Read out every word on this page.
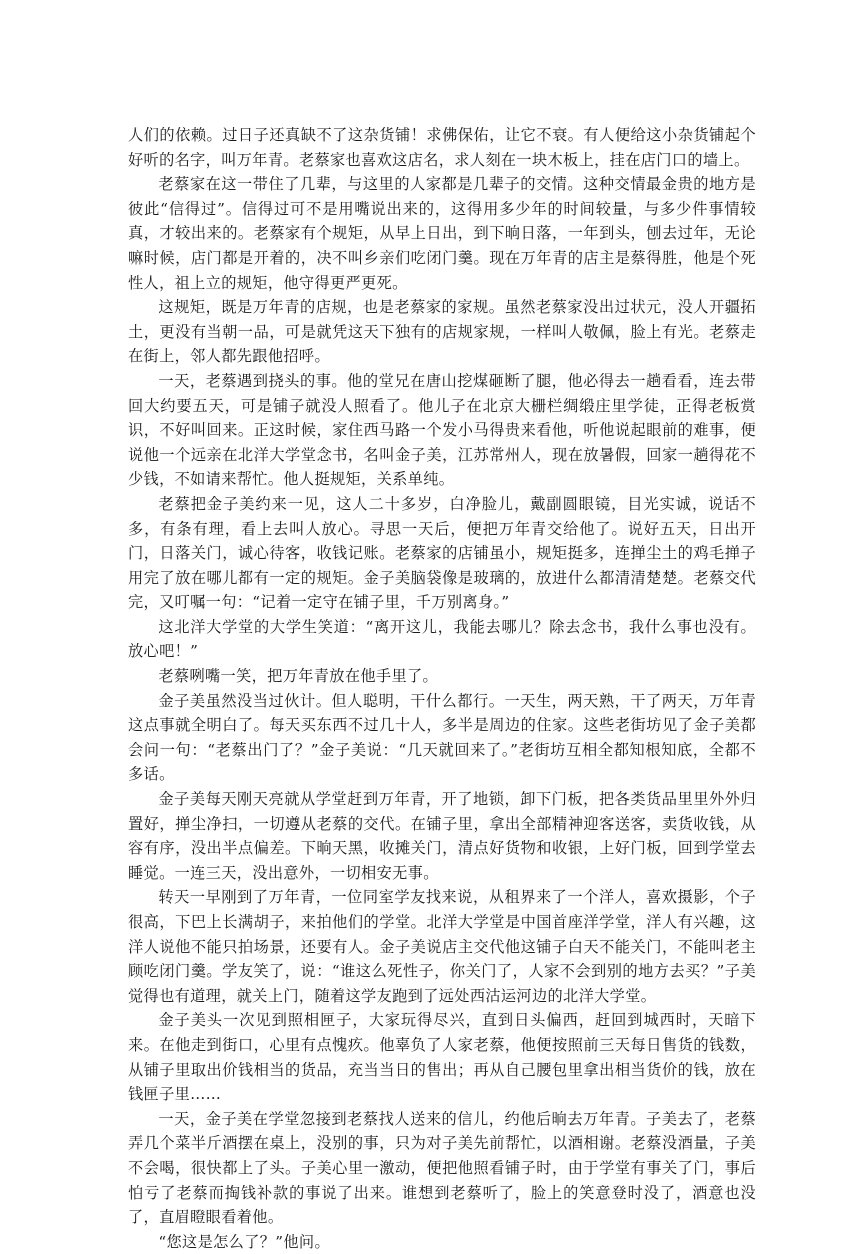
人们的依赖。过日子还真缺不了这杂货铺！求佛保佑，让它不衰。有人便给这小杂货铺起个好听的名字，叫万年青。老蔡家也喜欢这店名，求人刻在一块木板上，挂在店门口的墙上。

老蔡家在这一带住了几辈，与这里的人家都是几辈子的交情。这种交情最金贵的地方是彼此“信得过”。信得过可不是用嘴说出来的，这得用多少年的时间较量，与多少件事情较真，才较出来的。老蔡家有个规矩，从早上日出，到下晌日落，一年到头，刨去过年，无论嘛时候，店门都是开着的，决不叫乡亲们吃闭门羹。现在万年青的店主是蔡得胜，他是个死性人，祖上立的规矩，他守得更严更死。

这规矩，既是万年青的店规，也是老蔡家的家规。虽然老蔡家没出过状元，没人开疆拓土，更没有当朝一品，可是就凭这天下独有的店规家规，一样叫人敬佩，脸上有光。老蔡走在街上，邻人都先跟他招呼。

一天，老蔡遇到挠头的事。他的堂兄在唐山挖煤砸断了腿，他必得去一趟看看，连去带回大约要五天，可是铺子就没人照看了。他儿子在北京大栅栏绸缎庄里学徒，正得老板赏识，不好叫回来。正这时候，家住西马路一个发小马得贵来看他，听他说起眼前的难事，便说他一个远亲在北洋大学堂念书，名叫金子美，江苏常州人，现在放暑假，回家一趟得花不少钱，不如请来帮忙。他人挺规矩，关系单纯。

老蔡把金子美约来一见，这人二十多岁，白净脸儿，戴副圆眼镜，目光实诚，说话不多，有条有理，看上去叫人放心。寻思一天后，便把万年青交给他了。说好五天，日出开门，日落关门，诚心待客，收钱记账。老蔡家的店铺虽小，规矩挺多，连掸尘土的鸡毛掸子用完了放在哪儿都有一定的规矩。金子美脑袋像是玻璃的，放进什么都清清楚楚。老蔡交代完，又叮嘱一句：“记着一定守在铺子里，千万别离身。”

这北洋大学堂的大学生笑道：“离开这儿，我能去哪儿？除去念书，我什么事也没有。放心吧！”

老蔡咧嘴一笑，把万年青放在他手里了。

金子美虽然没当过伙计。但人聪明，干什么都行。一天生，两天熟，干了两天，万年青这点事就全明白了。每天买东西不过几十人，多半是周边的住家。这些老街坊见了金子美都会问一句：“老蔡出门了？”金子美说：“几天就回来了。”老街坊互相全都知根知底，全都不多话。

金子美每天刚天亮就从学堂赶到万年青，开了地锁，卸下门板，把各类货品里里外外归置好，掸尘净扫，一切遵从老蔡的交代。在铺子里，拿出全部精神迎客送客，卖货收钱，从容有序，没出半点偏差。下晌天黑，收摊关门，清点好货物和收银，上好门板，回到学堂去睡觉。一连三天，没出意外，一切相安无事。

转天一早刚到了万年青，一位同室学友找来说，从租界来了一个洋人，喜欢摄影，个子很高，下巴上长满胡子，来拍他们的学堂。北洋大学堂是中国首座洋学堂，洋人有兴趣，这洋人说他不能只拍场景，还要有人。金子美说店主交代他这铺子白天不能关门，不能叫老主顾吃闭门羹。学友笑了，说：“谁这么死性子，你关门了，人家不会到别的地方去买？”子美觉得也有道理，就关上门，随着这学友跑到了远处西沽运河边的北洋大学堂。

金子美头一次见到照相匣子，大家玩得尽兴，直到日头偏西，赶回到城西时，天暗下来。在他走到街口，心里有点愧疚。他辜负了人家老蔡，他便按照前三天每日售货的钱数，从铺子里取出价钱相当的货品，充当当日的售出；再从自己腰包里拿出相当货价的钱，放在钱匣子里……

一天，金子美在学堂忽接到老蔡找人送来的信儿，约他后晌去万年青。子美去了，老蔡弄几个菜半斤酒摆在桌上，没别的事，只为对子美先前帮忙，以酒相谢。老蔡没酒量，子美不会喝，很快都上了头。子美心里一激动，便把他照看铺子时，由于学堂有事关了门，事后怕亏了老蔡而掏钱补款的事说了出来。谁想到老蔡听了，脸上的笑意登时没了，酒意也没了，直眉瞪眼看着他。

“您这是怎么了？”他问。
